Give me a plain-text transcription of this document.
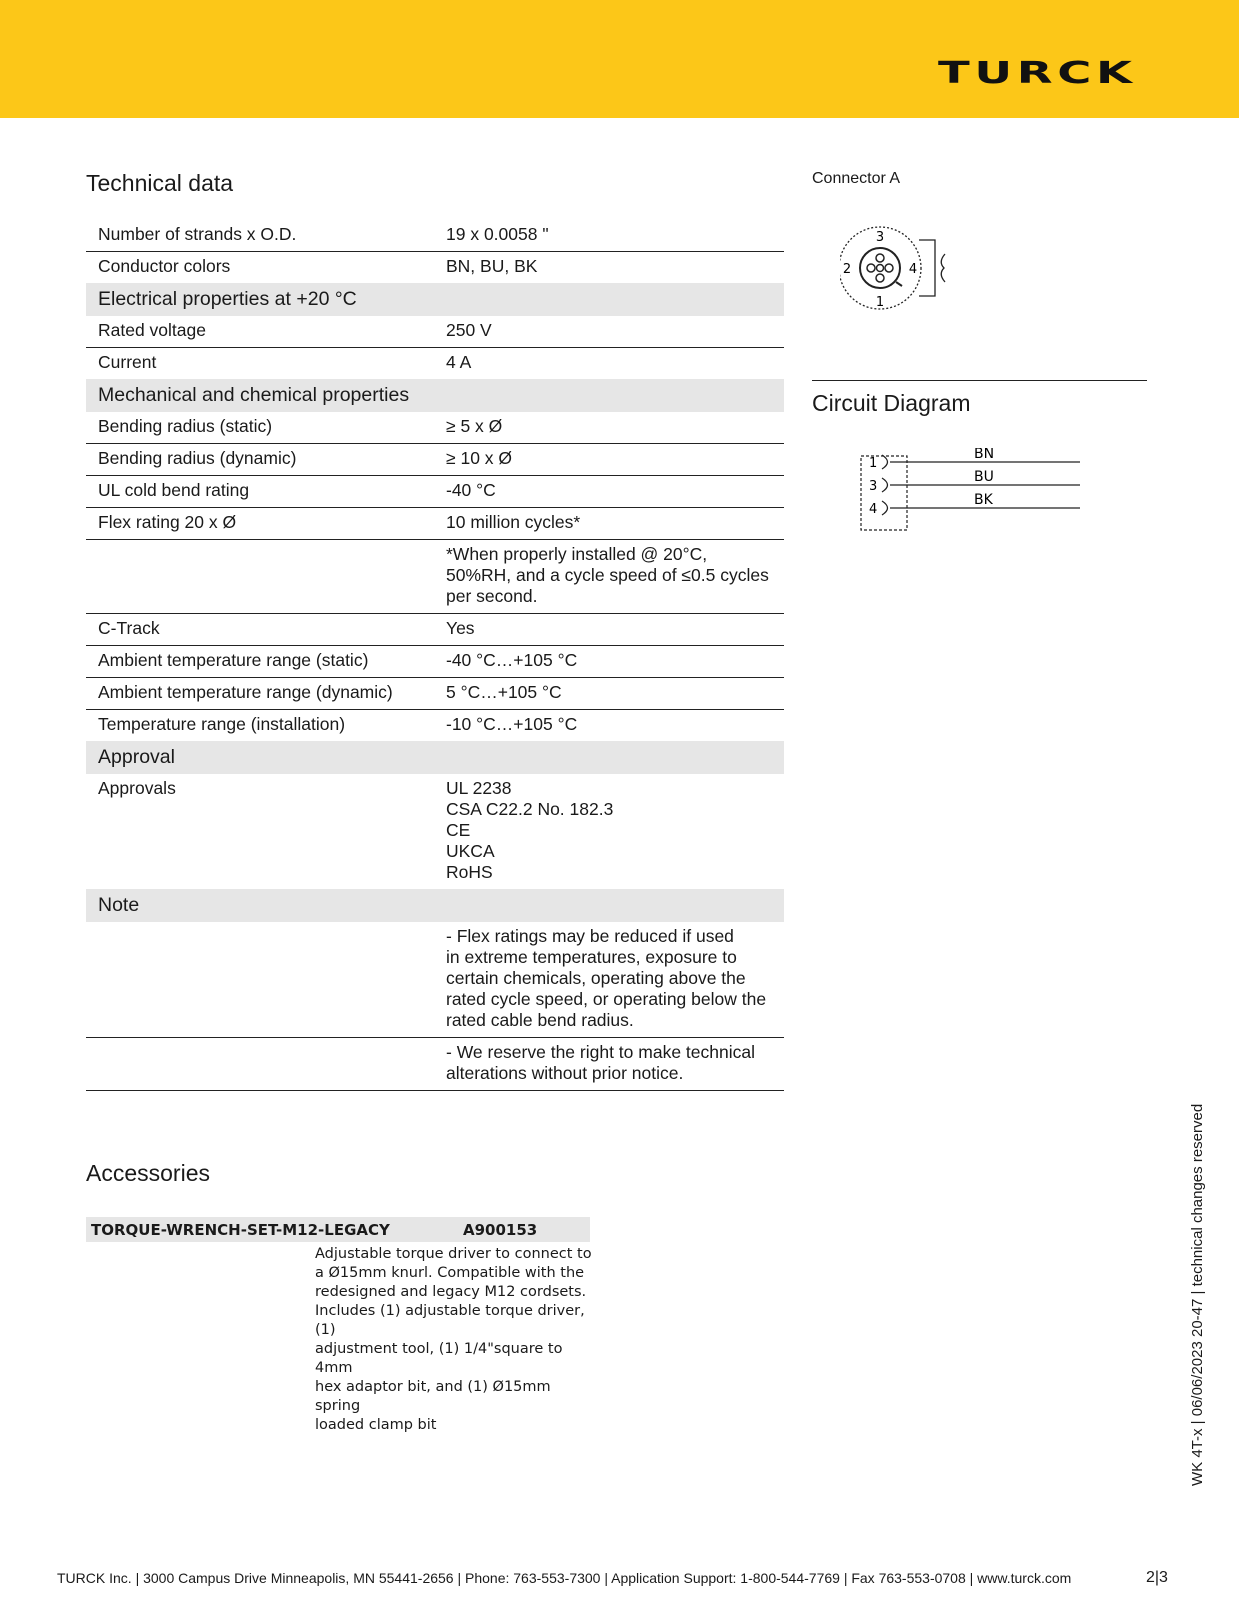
TURCK
Technical data
Number of strands x O.D.	19 x 0.0058 "
Conductor colors	BN, BU, BK
Electrical properties at +20 °C	
Rated voltage	250 V
Current	4 A
Mechanical and chemical properties	
Bending radius (static)	≥ 5 x Ø
Bending radius (dynamic)	≥ 10 x Ø
UL cold bend rating	-40 °C
Flex rating 20 x Ø	10 million cycles*
	*When properly installed @ 20°C,
50%RH, and a cycle speed of ≤0.5 cycles
per second.
C-Track	Yes
Ambient temperature range (static)	-40 °C…+105 °C
Ambient temperature range (dynamic)	5 °C…+105 °C
Temperature range (installation)	-10 °C…+105 °C
Approval	
Approvals	UL 2238
CSA C22.2 No. 182.3
CE
UKCA
RoHS
Note	
	- Flex ratings may be reduced if used
in extreme temperatures, exposure to
certain chemicals, operating above the
rated cycle speed, or operating below the
rated cable bend radius.
	- We reserve the right to make technical
alterations without prior notice.
Connector A
3
2	4
1
Circuit Diagram
1
BN
3
BU
4
BK
Accessories
TORQUE-WRENCH-SET-M12-LEGACY	A900153
Adjustable torque driver to connect to
a Ø15mm knurl. Compatible with the
redesigned and legacy M12 cordsets.
Includes (1) adjustable torque driver, (1)
adjustment tool, (1) 1/4"square to 4mm
hex adaptor bit, and (1) Ø15mm spring
loaded clamp bit	WK 4T-x | 06/06/2023 20-47 | technical changes reserved
TURCK Inc. | 3000 Campus Drive Minneapolis, MN 55441-2656 | Phone: 763-553-7300 | Application Support: 1-800-544-7769 | Fax 763-553-0708 | www.turck.com	2|3
